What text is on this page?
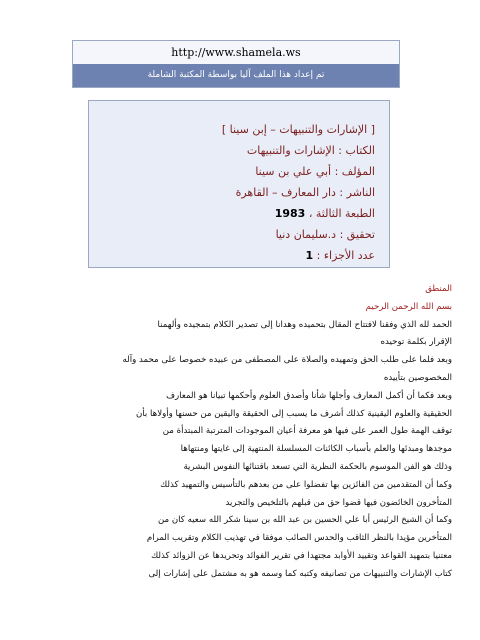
http://www.shamela.ws
تم إعداد هذا الملف آليا بواسطة المكتبة الشاملة
[ الإشارات والتنبيهات – إبن سينا ]
الكتاب : الإشارات والتنبيهات
المؤلف : أبي علي بن سينا
الناشر : دار المعارف – القاهرة
الطبعة الثالثة ، 1983
تحقيق : د.سليمان دنيا
عدد الأجزاء : 1
المنطق
بسم الله الرحمن الرحيم
الحمد لله الذي وفقنا لافتتاح المقال بتحميده وهدانا إلى تصدير الكلام بتمجيده وألهمنا
الإقرار بكلمة توحيده
وبعد فلما علی طلب الحق وتمهيده والصلاة علی المصطفی من عبيده خصوصا علی محمد وآله
المخصوصين بتأييده
وبعد فكما أن أكمل المعارف وأجلها شأنا وأصدق العلوم وأحكمها تبيانا هو المعارف
الحقيقية والعلوم اليقينية كذلك أشرف ما يسبب إلى الحقيقة واليقين من حسنها وأولاها بأن
توقف الهمة طول العمر علی فيها هو معرفة أعيان الموجودات المترتبة المبتدأة من
موجدها ومبدئها والعلم بأسباب الكائنات المسلسلة المنتهية إلى غايتها ومنتهاها
وذلك هو الفن الموسوم بالحكمة النظرية التي تسعد باقتنائها النفوس البشرية
وكما أن المتقدمين من الفائزين بها تفضلوا علی من بعدهم بالتأسيس والتمهيد كذلك
المتأخرون الخائضون فيها قضوا حق من قبلهم بالتلخيص والتجريد
وكما أن الشيخ الرئيس أبا علي الحسين بن عبد الله بن سينا شكر الله سعيه كان من
المتأخرين مؤيدا بالنظر الثاقب والحدس الصائب موفقا في تهذيب الكلام وتقريب المرام
معتنيا بتمهيد القواعد وتقييد الأوابد مجتهدا في تقرير الفوائد وتحريدها عن الزوائد كذلك
كتاب الإشارات والتنبيهات من تصانيفه وكتبه كما وسمه هو به مشتمل علی إشارات إلى
